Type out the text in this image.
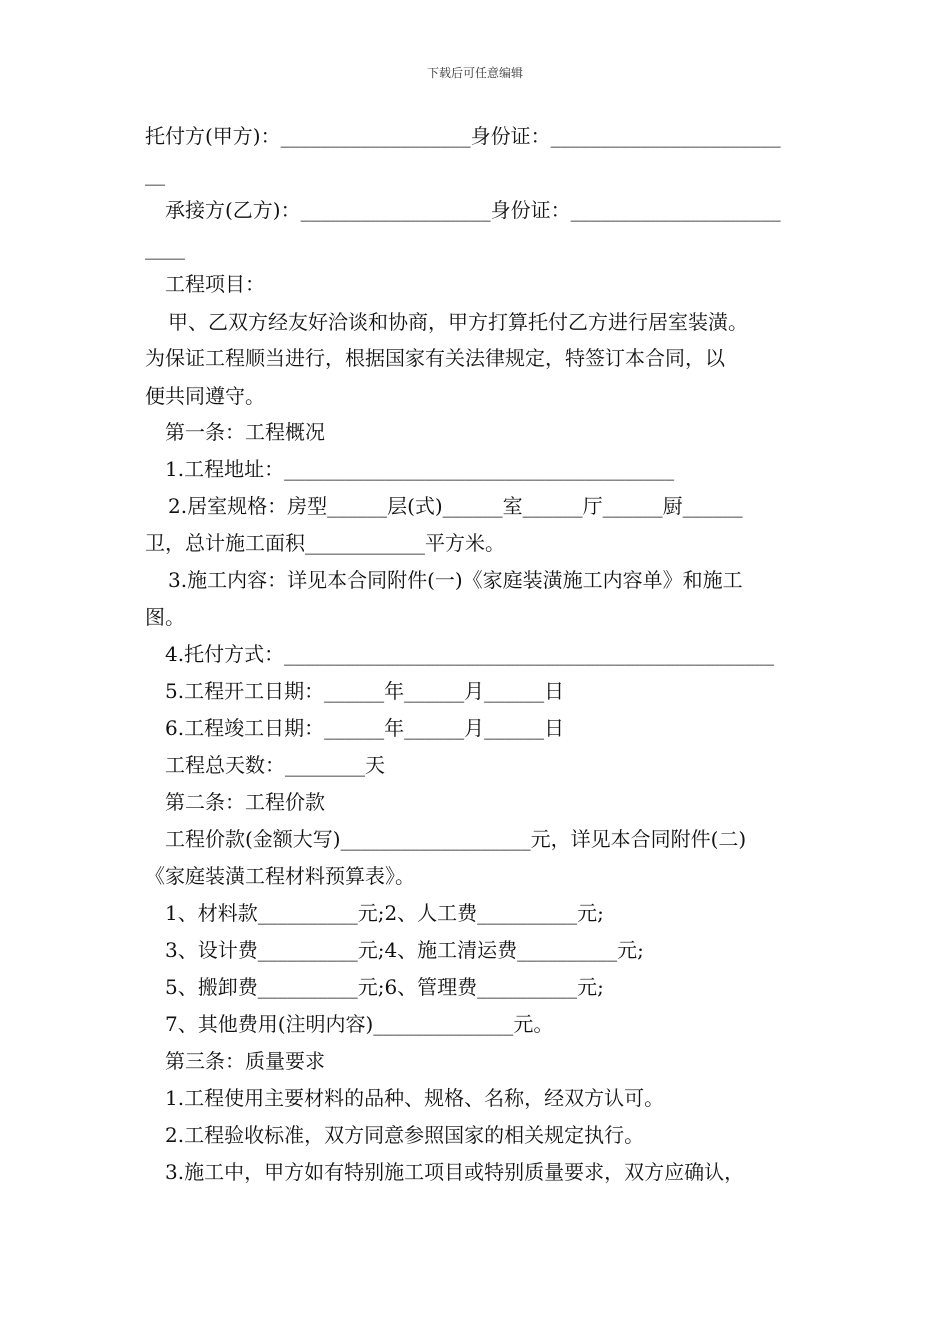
下载后可任意编辑
托付方(甲方)：___________________身份证：_______________________
__
承接方(乙方)：___________________身份证：_____________________
____
工程项目：
甲、乙双方经友好洽谈和协商，甲方打算托付乙方进行居室装潢。
为保证工程顺当进行，根据国家有关法律规定，特签订本合同，以
便共同遵守。
第一条：工程概况
1.工程地址：_______________________________________
2.居室规格：房型______层(式)______室______厅______厨______
卫，总计施工面积____________平方米。
3.施工内容：详见本合同附件(一)《家庭装潢施工内容单》和施工
图。
4.托付方式：_________________________________________________
5.工程开工日期：______年______月______日
6.工程竣工日期：______年______月______日
工程总天数：________天
第二条：工程价款
工程价款(金额大写)___________________元，详见本合同附件(二)
《家庭装潢工程材料预算表》。
1、材料款__________元;2、人工费__________元;
3、设计费__________元;4、施工清运费__________元;
5、搬卸费__________元;6、管理费__________元;
7、其他费用(注明内容)______________元。
第三条：质量要求
1.工程使用主要材料的品种、规格、名称，经双方认可。
2.工程验收标准，双方同意参照国家的相关规定执行。
3.施工中，甲方如有特别施工项目或特别质量要求，双方应确认，
